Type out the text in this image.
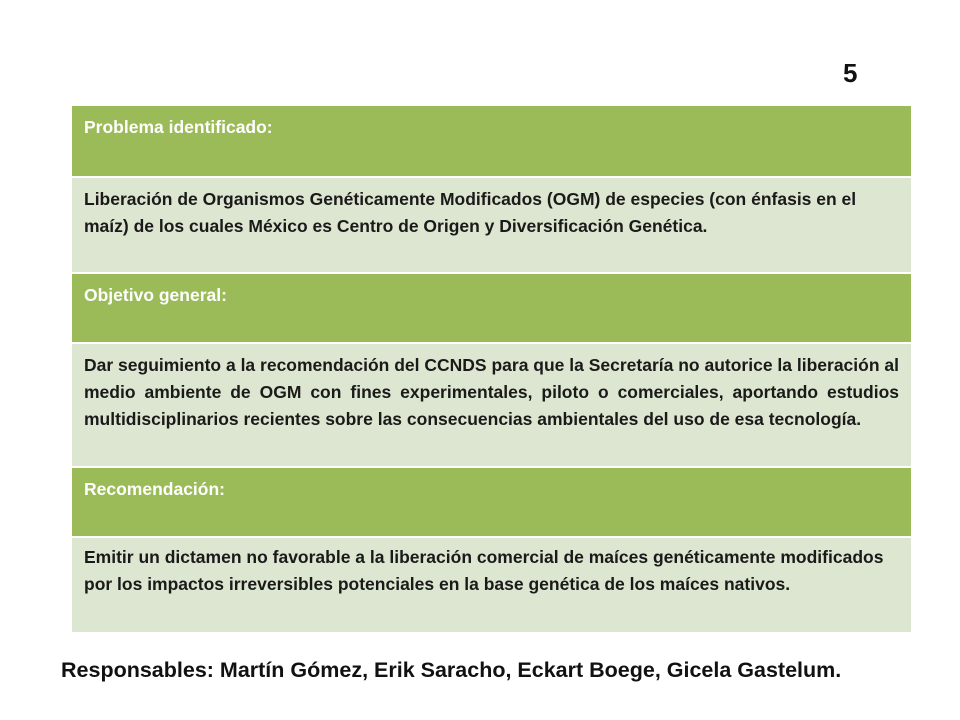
5
Problema identificado:
Liberación de Organismos Genéticamente Modificados (OGM) de especies (con énfasis en el maíz) de los cuales México es Centro de Origen y Diversificación Genética.
Objetivo general:
Dar seguimiento a la recomendación del CCNDS para que la Secretaría no autorice la liberación al medio ambiente de OGM con fines experimentales, piloto o comerciales, aportando estudios multidisciplinarios recientes sobre las consecuencias ambientales del uso de esa tecnología.
Recomendación:
Emitir un dictamen no favorable a la liberación comercial de maíces genéticamente modificados por los impactos irreversibles potenciales en la base genética de los maíces nativos.
Responsables: Martín Gómez, Erik Saracho, Eckart Boege, Gicela Gastelum.
